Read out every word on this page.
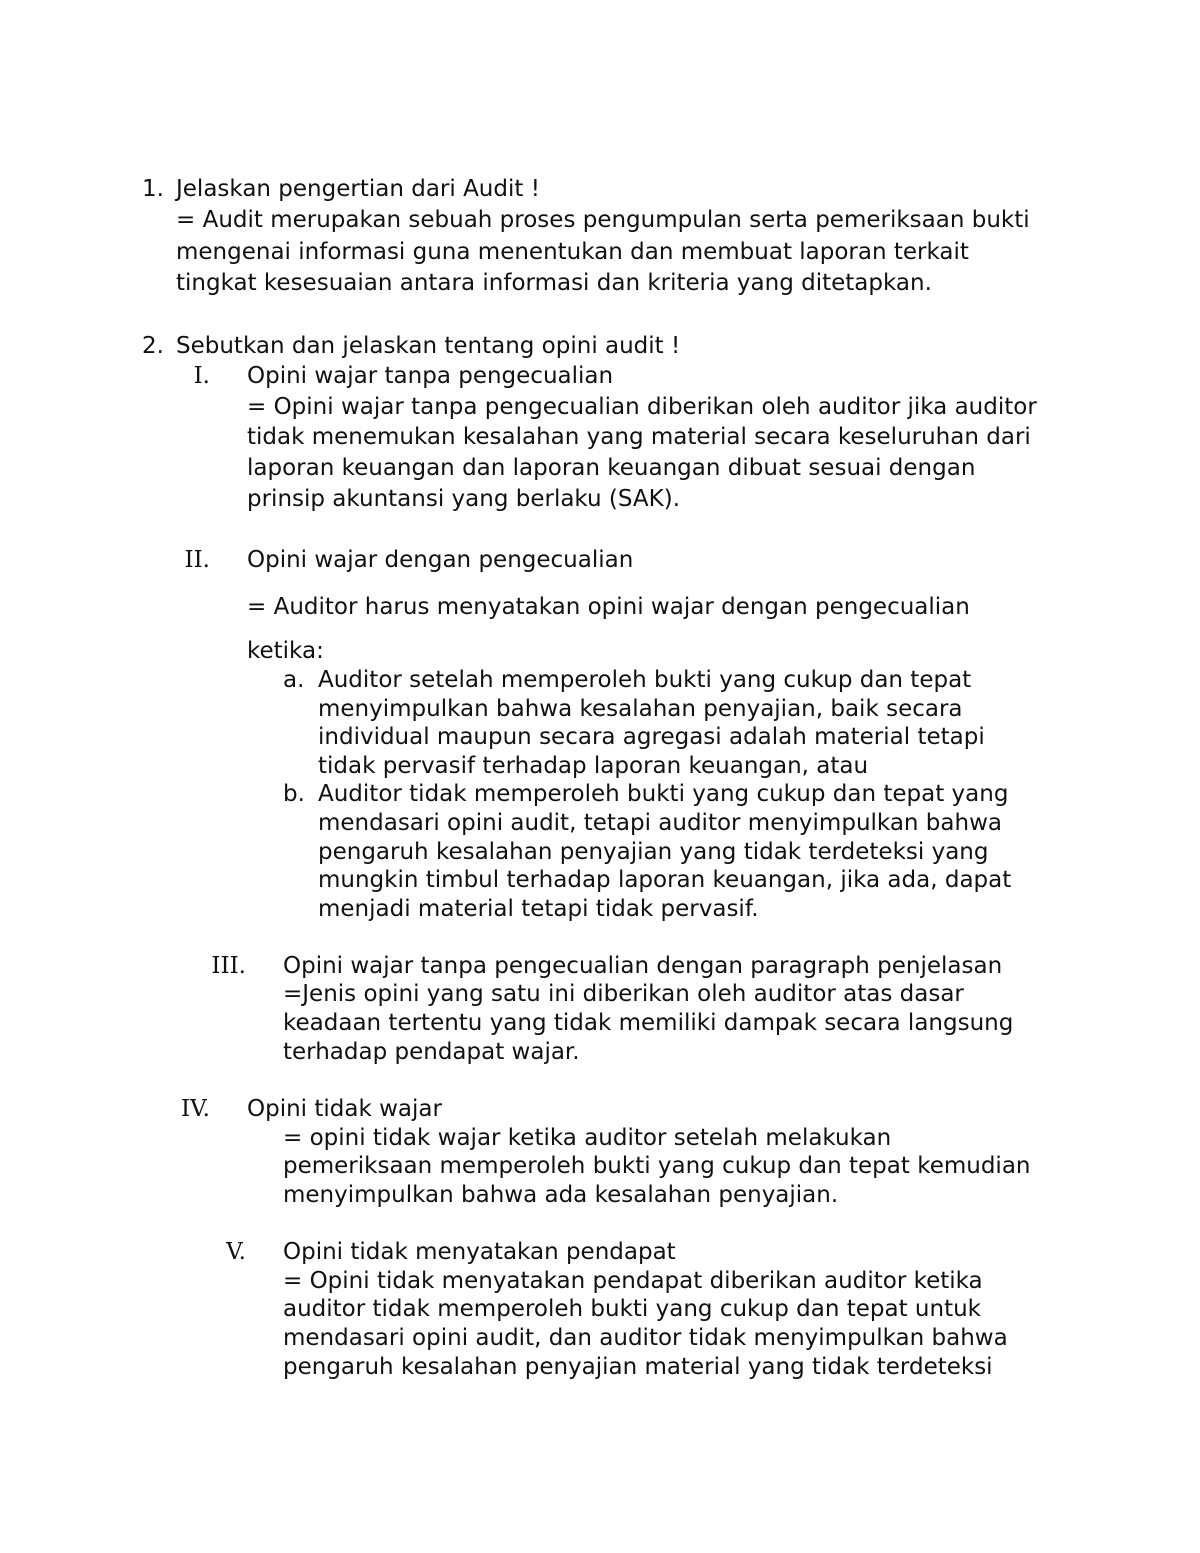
1. Jelaskan pengertian dari Audit !
= Audit merupakan sebuah proses pengumpulan serta pemeriksaan bukti
mengenai informasi guna menentukan dan membuat laporan terkait
tingkat kesesuaian antara informasi dan kriteria yang ditetapkan.
2. Sebutkan dan jelaskan tentang opini audit !
I. Opini wajar tanpa pengecualian
= Opini wajar tanpa pengecualian diberikan oleh auditor jika auditor
tidak menemukan kesalahan yang material secara keseluruhan dari
laporan keuangan dan laporan keuangan dibuat sesuai dengan
prinsip akuntansi yang berlaku (SAK).
II. Opini wajar dengan pengecualian
= Auditor harus menyatakan opini wajar dengan pengecualian
ketika:
a. Auditor setelah memperoleh bukti yang cukup dan tepat
menyimpulkan bahwa kesalahan penyajian, baik secara
individual maupun secara agregasi adalah material tetapi
tidak pervasif terhadap laporan keuangan, atau
b. Auditor tidak memperoleh bukti yang cukup dan tepat yang
mendasari opini audit, tetapi auditor menyimpulkan bahwa
pengaruh kesalahan penyajian yang tidak terdeteksi yang
mungkin timbul terhadap laporan keuangan, jika ada, dapat
menjadi material tetapi tidak pervasif.
III. Opini wajar tanpa pengecualian dengan paragraph penjelasan
=Jenis opini yang satu ini diberikan oleh auditor atas dasar
keadaan tertentu yang tidak memiliki dampak secara langsung
terhadap pendapat wajar.
IV. Opini tidak wajar
= opini tidak wajar ketika auditor setelah melakukan
pemeriksaan memperoleh bukti yang cukup dan tepat kemudian
menyimpulkan bahwa ada kesalahan penyajian.
V. Opini tidak menyatakan pendapat
= Opini tidak menyatakan pendapat diberikan auditor ketika
auditor tidak memperoleh bukti yang cukup dan tepat untuk
mendasari opini audit, dan auditor tidak menyimpulkan bahwa
pengaruh kesalahan penyajian material yang tidak terdeteksi
